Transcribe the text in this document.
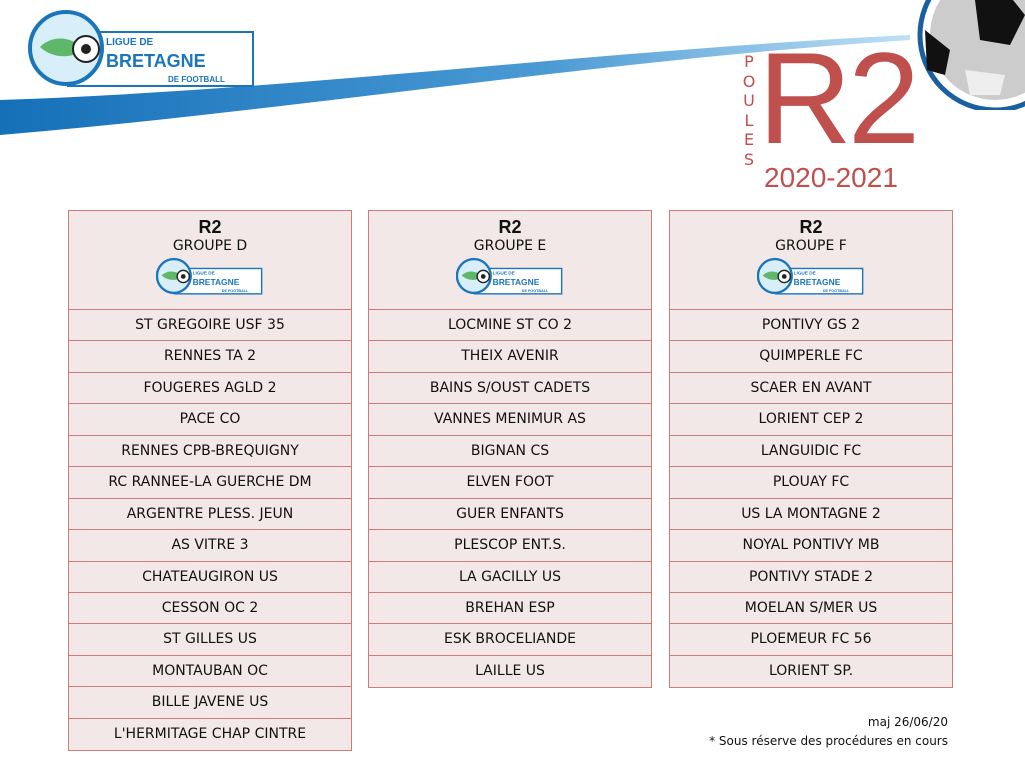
LIGUE DE
BRETAGNE
DE FOOTBALL
P
O
U
L
E
S R2
2020-2021
R2
GROUPE D
LIGUE DE
BRETAGNE
DE FOOTBALL
ST GREGOIRE USF 35
RENNES TA 2
FOUGERES AGLD 2
PACE CO
RENNES CPB-BREQUIGNY
RC RANNEE-LA GUERCHE DM
ARGENTRE PLESS. JEUN
AS VITRE 3
CHATEAUGIRON US
CESSON OC 2
ST GILLES US
MONTAUBAN OC
BILLE JAVENE US
L'HERMITAGE CHAP CINTRE
R2
GROUPE E
LIGUE DE
BRETAGNE
DE FOOTBALL
LOCMINE ST CO 2
THEIX AVENIR
BAINS S/OUST CADETS
VANNES MENIMUR AS
BIGNAN CS
ELVEN FOOT
GUER ENFANTS
PLESCOP ENT.S.
LA GACILLY US
BREHAN ESP
ESK BROCELIANDE
LAILLE US
R2
GROUPE F
LIGUE DE
BRETAGNE
DE FOOTBALL
PONTIVY GS 2
QUIMPERLE FC
SCAER EN AVANT
LORIENT CEP 2
LANGUIDIC FC
PLOUAY FC
US LA MONTAGNE 2
NOYAL PONTIVY MB
PONTIVY STADE 2
MOELAN S/MER US
PLOEMEUR FC 56
LORIENT SP.
maj 26/06/20
* Sous réserve des procédures en cours
